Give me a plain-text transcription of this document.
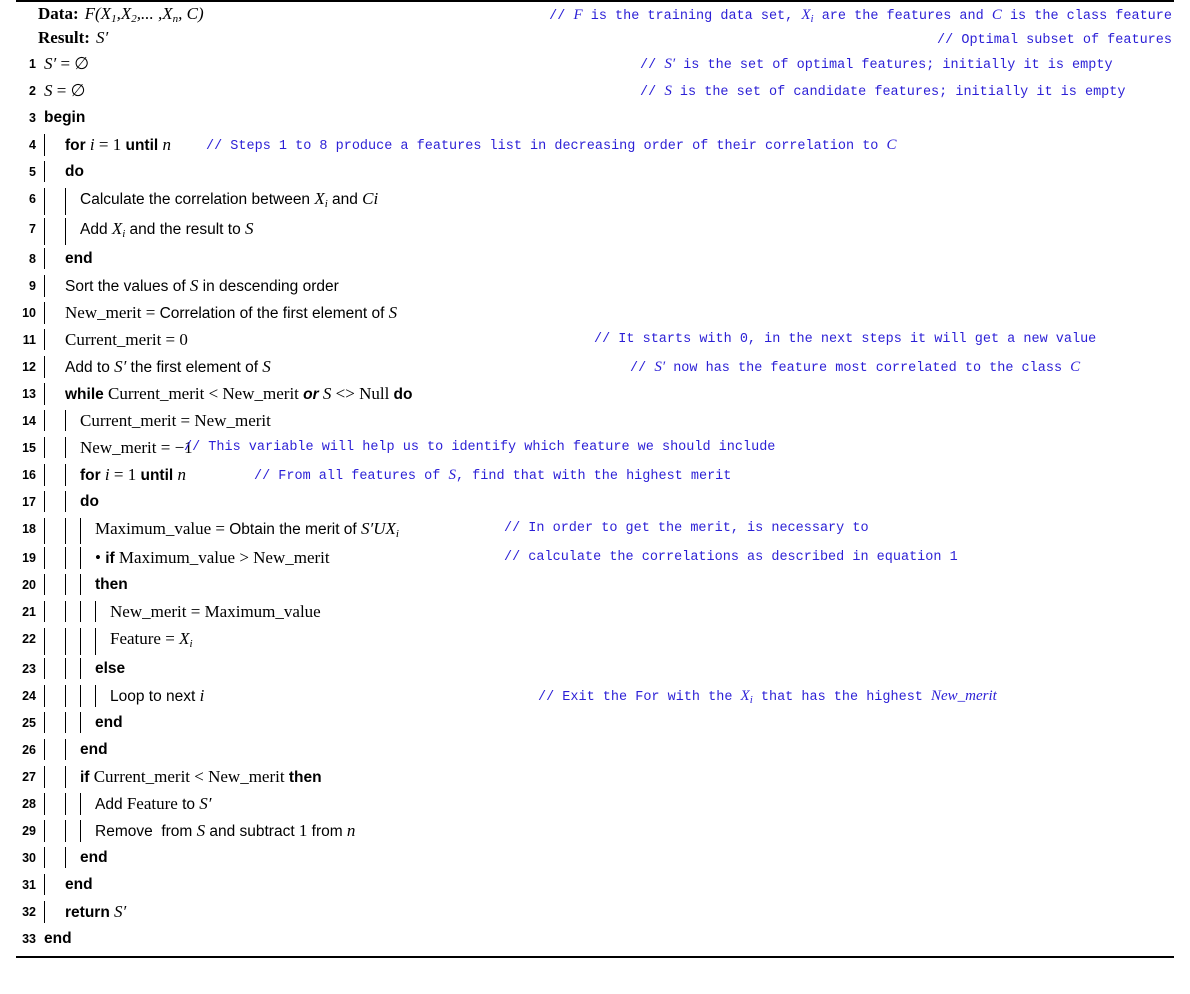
Data: $F(X_1,X_2$,... $,X_n$, C)	// F is the training data set, $X_i$ are the features and C is the class feature
Result: S′	// Optimal subset of features
1 S′ = ∅	// S′ is the set of optimal features; initially it is empty
2 S = ∅	// S is the set of candidate features; initially it is empty
3 begin
4 for i = 1 until n	// Steps 1 to 8 produce a features list in decreasing order of their correlation to C
5 do
6	Calculate the correlation between $X_i$ and Ci
7	Add $X_i$ and the result to S
8 end
9 Sort the values of S in descending order
10 New_merit = Correlation of the first element of S
11 Current_merit = 0	// It starts with 0, in the next steps it will get a new value
12 Add to S′ the first element of S	// S′ now has the feature most correlated to the class C
13 while Current_merit < New_merit or S <> Null do
14	Current_merit = New_merit
15	New_merit = −1
// This variable will help us to identify which feature we should include
16	for i = 1 until n	// From all features of S, find that with the highest merit
17	do
18	Maximum_value = Obtain the merit of $S'UX_i$	// In order to get the merit, is necessary to
19	• if Maximum_value > New_merit	// calculate the correlations as described in equation 1
20	then
21	New_merit = Maximum_value
22	Feature = $X_i$
23	else
24	Loop to next i	// Exit the For with the $X_i$ that has the highest New_merit
25	end
26	end
27	if Current_merit < New_merit then
28	Add Feature to S′
29	Remove  from S and subtract 1 from n
30	end
31 end
32 return S′
33 end
